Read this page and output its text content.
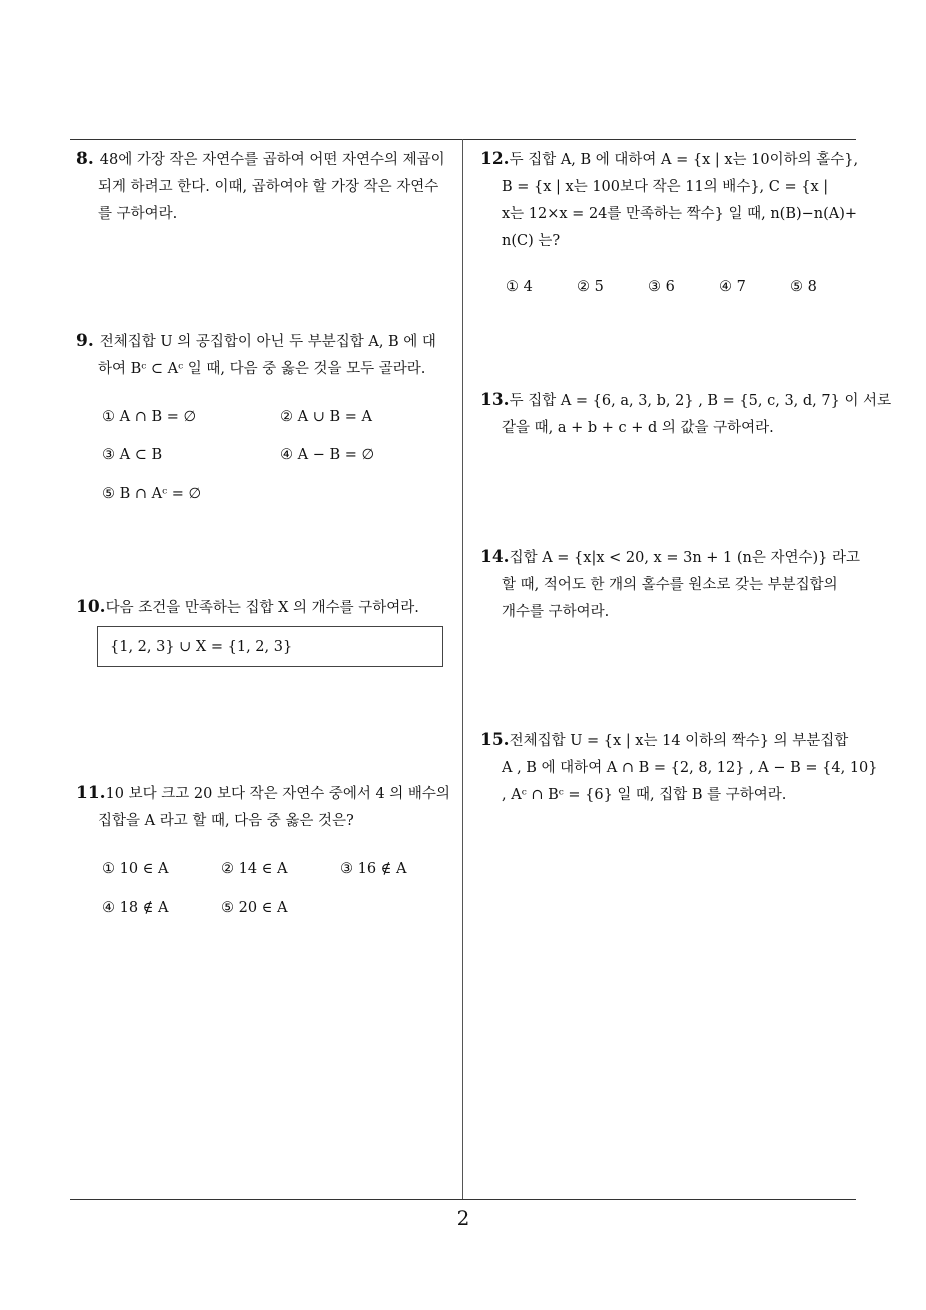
2
8. 48에 가장 작은 자연수를 곱하여 어떤 자연수의 제곱이
되게 하려고 한다. 이때, 곱하여야 할 가장 작은 자연수
를 구하여라.
9. 전체집합 U 의 공집합이 아닌 두 부분집합 A, B 에 대
하여 Bᶜ ⊂ Aᶜ 일 때, 다음 중 옳은 것을 모두 골라라.
① A ∩ B = ∅	② A ∪ B = A
③ A ⊂ B	④ A − B = ∅
⑤ B ∩ Aᶜ = ∅
10.다음 조건을 만족하는 집합 X 의 개수를 구하여라.
{1, 2, 3} ∪ X = {1, 2, 3}
11.10 보다 크고 20 보다 작은 자연수 중에서 4 의 배수의
집합을 A 라고 할 때, 다음 중 옳은 것은?
① 10 ∈ A	② 14 ∈ A	③ 16 ∉ A
④ 18 ∉ A	⑤ 20 ∈ A
12.두 집합 A, B 에 대하여 A = {x | x는 10이하의 홀수},
B = {x | x는 100보다 작은 11의 배수}, C = {x |
x는 12×x = 24를 만족하는 짝수} 일 때, n(B)−n(A)+
n(C) 는?
① 4	② 5	③ 6	④ 7	⑤ 8
13.두 집합 A = {6, a, 3, b, 2} , B = {5, c, 3, d, 7} 이 서로
같을 때, a + b + c + d 의 값을 구하여라.
14.집합 A = {x|x < 20, x = 3n + 1 (n은 자연수)} 라고
할 때, 적어도 한 개의 홀수를 원소로 갖는 부분집합의
개수를 구하여라.
15.전체집합 U = {x | x는 14 이하의 짝수} 의 부분집합
A , B 에 대하여 A ∩ B = {2, 8, 12} , A − B = {4, 10}
, Aᶜ ∩ Bᶜ = {6} 일 때, 집합 B 를 구하여라.
